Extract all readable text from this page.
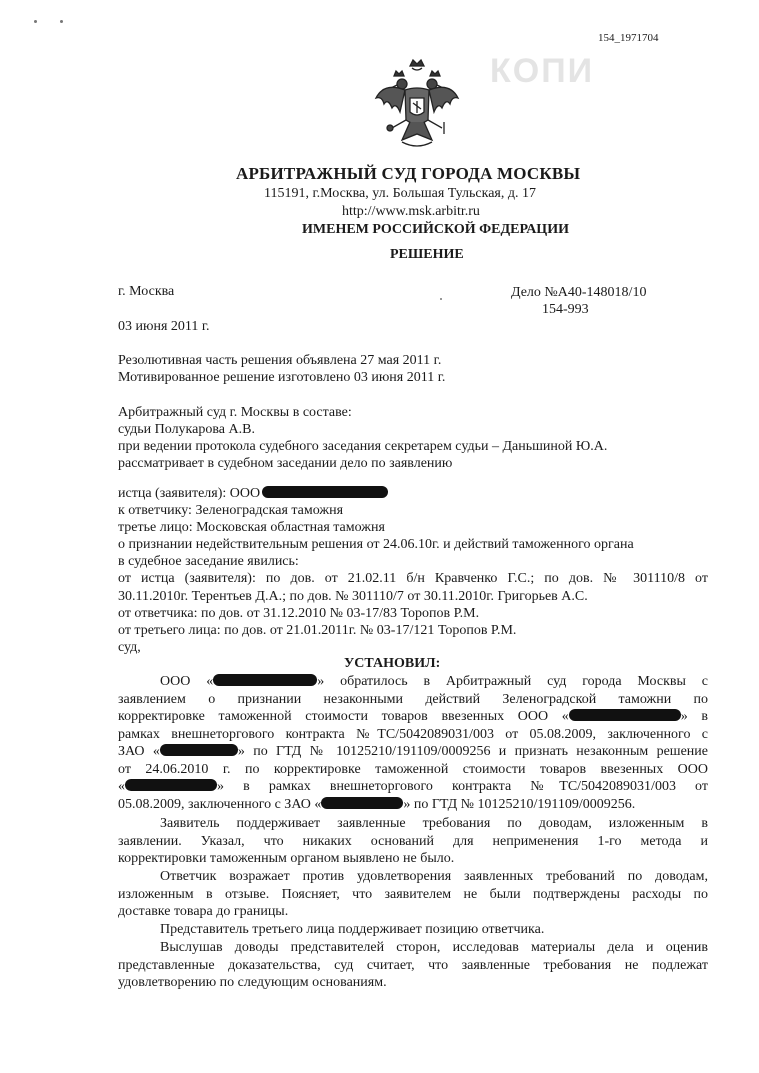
154_1971704
КОПИ
АРБИТРАЖНЫЙ СУД ГОРОДА МОСКВЫ
115191, г.Москва, ул. Большая Тульская, д. 17
http://www.msk.arbitr.ru
ИМЕНЕМ РОССИЙСКОЙ ФЕДЕРАЦИИ
РЕШЕНИЕ
г. Москва	Дело №А40-148018/10
154-993
03 июня 2011 г.
Резолютивная часть решения объявлена 27 мая 2011 г.
Мотивированное решение изготовлено 03 июня 2011 г.
Арбитражный суд г. Москвы в составе:
судьи Полукарова А.В.
при ведении протокола судебного заседания секретарем судьи – Даньшиной Ю.А.
рассматривает в судебном заседании дело по заявлению
истца (заявителя): ООО
к ответчику: Зеленоградская таможня
третье лицо: Московская областная таможня
о признании недействительным решения от 24.06.10г. и действий таможенного органа
в судебное заседание явились:
от истца (заявителя): по дов. от 21.02.11 б/н Кравченко Г.С.; по дов. № 301110/8 от
30.11.2010г. Терентьев Д.А.; по дов. № 301110/7 от 30.11.2010г. Григорьев А.С.
от ответчика: по дов. от 31.12.2010 № 03-17/83 Торопов Р.М.
от третьего лица: по дов. от 21.01.2011г. № 03-17/121 Торопов Р.М.
суд,
УСТАНОВИЛ:
ООО «	» обратилось в Арбитражный суд города Москвы с
заявлением о признании незаконными действий Зеленоградской таможни по
корректировке таможенной стоимости товаров ввезенных ООО «	» в
рамках внешнеторгового контракта №ТС/5042089031/003 от 05.08.2009, заключенного с
ЗАО «	» по ГТД № 10125210/191109/0009256 и признать незаконным решение
от 24.06.2010 г. по корректировке таможенной стоимости товаров ввезенных ООО
«	» в рамках внешнеторгового контракта №ТС/5042089031/003 от
05.08.2009, заключенного с ЗАО «	» по ГТД № 10125210/191109/0009256.
Заявитель поддерживает заявленные требования по доводам, изложенным в
заявлении. Указал, что никаких оснований для неприменения 1-го метода и
корректировки таможенным органом выявлено не было.
Ответчик возражает против удовлетворения заявленных требований по доводам,
изложенным в отзыве. Поясняет, что заявителем не были подтверждены расходы по
доставке товара до границы.
Представитель третьего лица поддерживает позицию ответчика.
Выслушав доводы представителей сторон, исследовав материалы дела и оценив
представленные доказательства, суд считает, что заявленные требования не подлежат
удовлетворению по следующим основаниям.
